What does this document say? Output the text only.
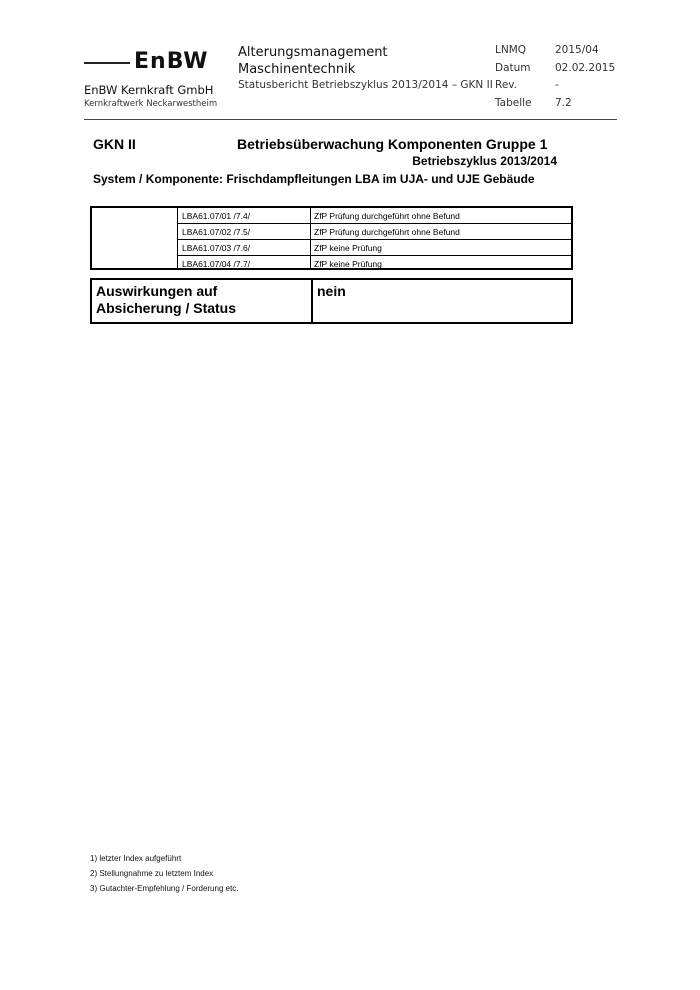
EnBW
EnBW Kernkraft GmbH
Kernkraftwerk Neckarwestheim
Alterungsmanagement
Maschinentechnik
Statusbericht Betriebszyklus 2013/2014 – GKN II
LNMQ	2015/04
Datum	02.02.2015
Rev.	-
Tabelle	7.2
GKN II	Betriebsüberwachung Komponenten Gruppe 1
Betriebszyklus 2013/2014
System / Komponente: Frischdampfleitungen LBA im UJA- und UJE Gebäude
LBA61.07/01 /7.4/	ZfP Prüfung durchgeführt ohne Befund
LBA61.07/02 /7.5/	ZfP Prüfung durchgeführt ohne Befund
LBA61.07/03 /7.6/	ZfP keine Prüfung
LBA61.07/04 /7.7/	ZfP keine Prüfung
Auswirkungen auf
Absicherung / Status
nein
1) letzter Index aufgeführt
2) Stellungnahme zu letztem Index
3) Gutachter-Empfehlung / Forderung etc.
